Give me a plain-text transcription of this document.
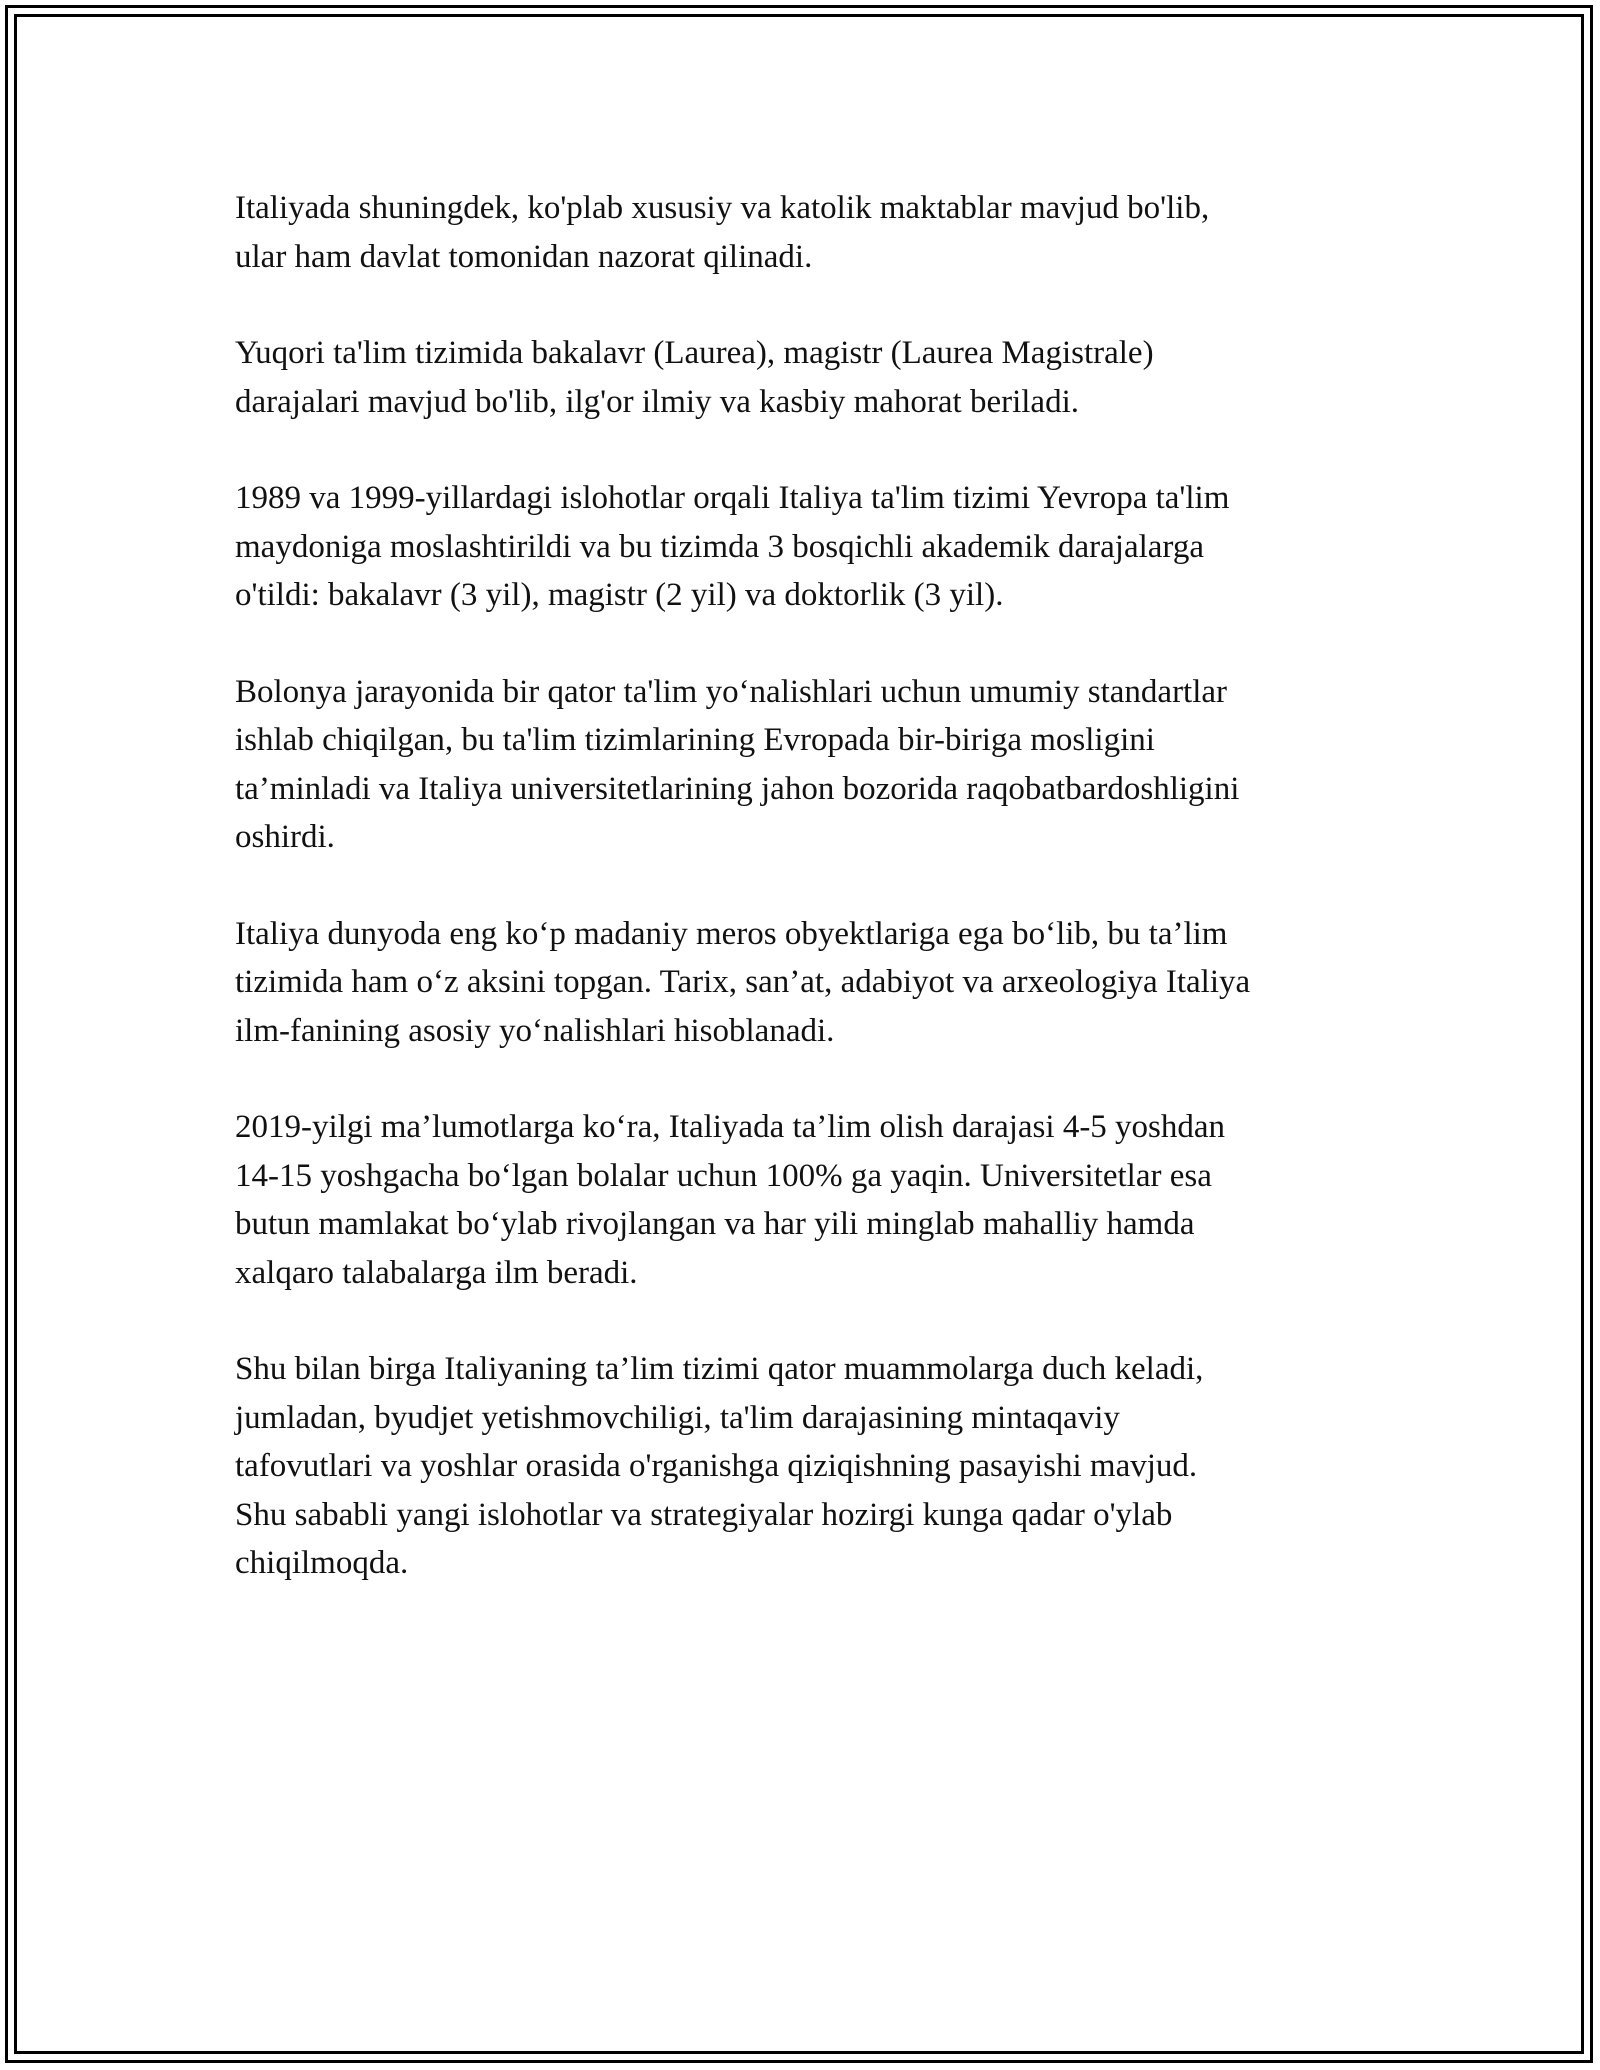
Italiyada shuningdek, ko'plab xususiy va katolik maktablar mavjud bo'lib,
ular ham davlat tomonidan nazorat qilinadi.

Yuqori ta'lim tizimida bakalavr (Laurea), magistr (Laurea Magistrale)
darajalari mavjud bo'lib, ilg'or ilmiy va kasbiy mahorat beriladi.

1989 va 1999-yillardagi islohotlar orqali Italiya ta'lim tizimi Yevropa ta'lim
maydoniga moslashtirildi va bu tizimda 3 bosqichli akademik darajalarga
o'tildi: bakalavr (3 yil), magistr (2 yil) va doktorlik (3 yil).

Bolonya jarayonida bir qator ta'lim yoʻnalishlari uchun umumiy standartlar
ishlab chiqilgan, bu ta'lim tizimlarining Evropada bir-biriga mosligini
ta’minladi va Italiya universitetlarining jahon bozorida raqobatbardoshligini
oshirdi.

Italiya dunyoda eng koʻp madaniy meros obyektlariga ega boʻlib, bu ta’lim
tizimida ham oʻz aksini topgan. Tarix, san’at, adabiyot va arxeologiya Italiya
ilm-fanining asosiy yoʻnalishlari hisoblanadi.

2019-yilgi ma’lumotlarga koʻra, Italiyada ta’lim olish darajasi 4-5 yoshdan
14-15 yoshgacha boʻlgan bolalar uchun 100% ga yaqin. Universitetlar esa
butun mamlakat boʻylab rivojlangan va har yili minglab mahalliy hamda
xalqaro talabalarga ilm beradi.

Shu bilan birga Italiyaning ta’lim tizimi qator muammolarga duch keladi,
jumladan, byudjet yetishmovchiligi, ta'lim darajasining mintaqaviy
tafovutlari va yoshlar orasida o'rganishga qiziqishning pasayishi mavjud.
Shu sababli yangi islohotlar va strategiyalar hozirgi kunga qadar o'ylab
chiqilmoqda.
